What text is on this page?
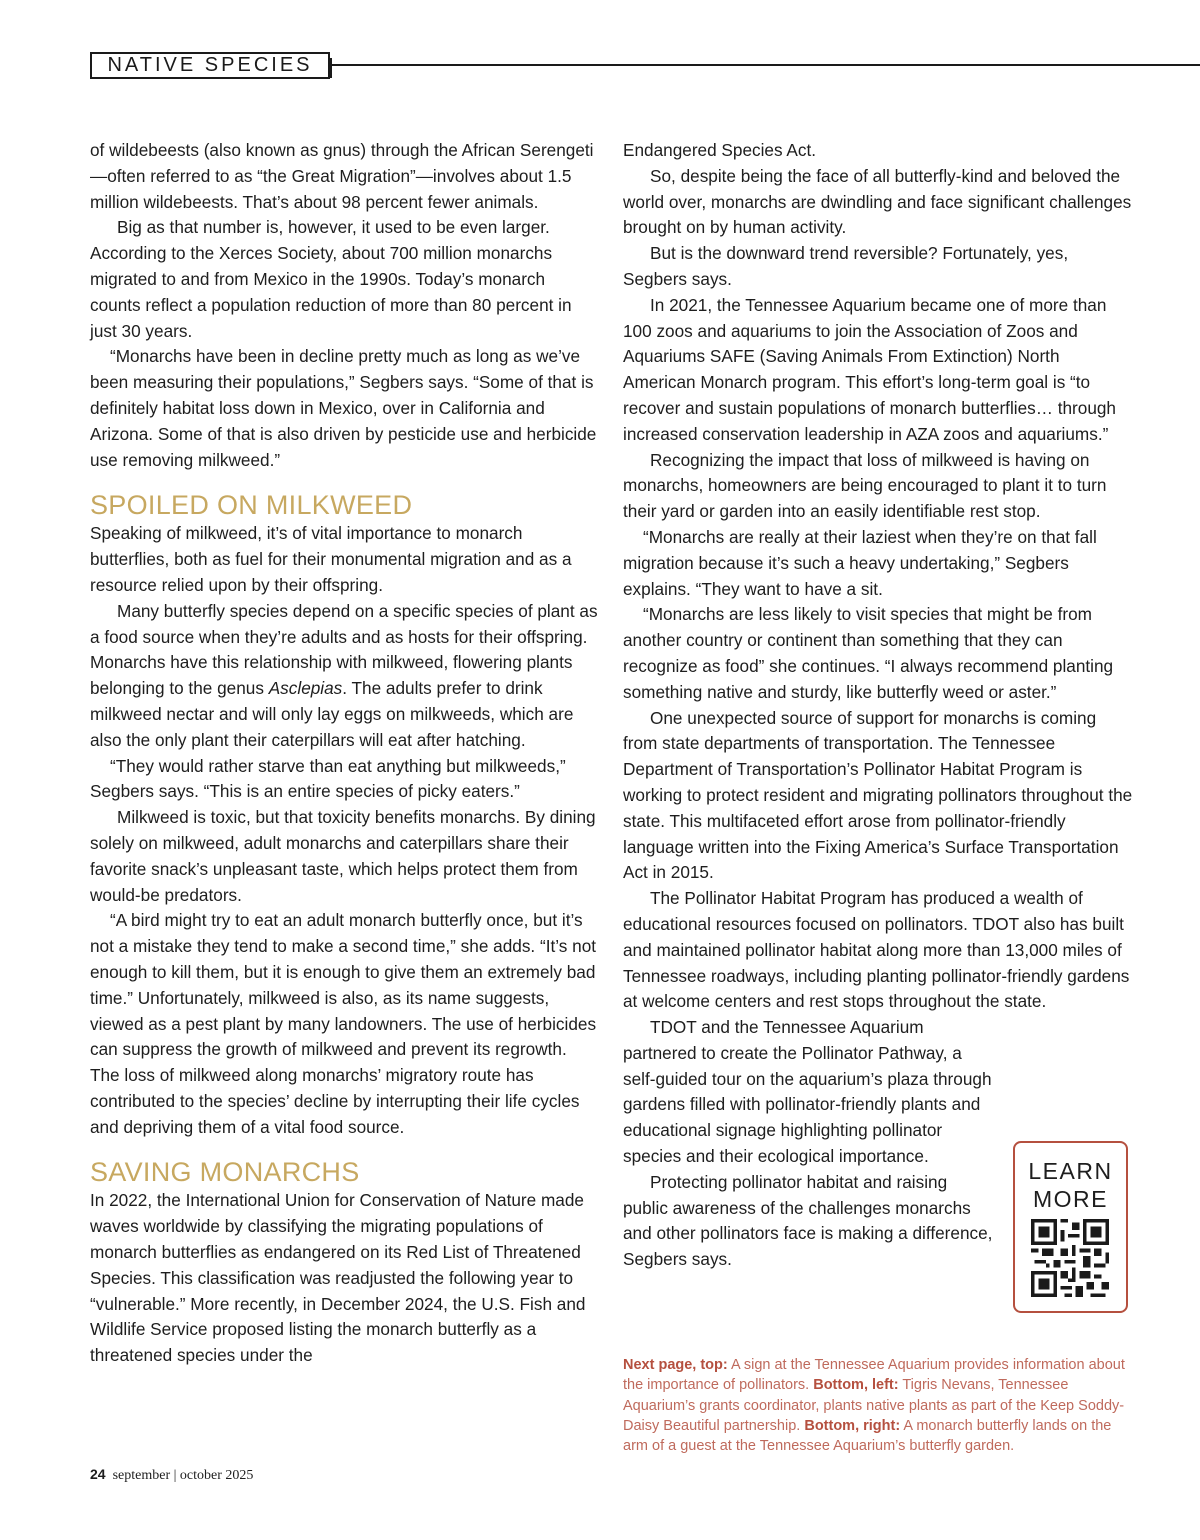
NATIVE SPECIES

of wildebeests (also known as gnus) through the African Serengeti—often referred to as “the Great Migration”—involves about 1.5 million wildebeests. That’s about 98 percent fewer animals.

Big as that number is, however, it used to be even larger. According to the Xerces Society, about 700 million monarchs migrated to and from Mexico in the 1990s. Today’s monarch counts reflect a population reduction of more than 80 percent in just 30 years.

“Monarchs have been in decline pretty much as long as we’ve been measuring their populations,” Segbers says. “Some of that is definitely habitat loss down in Mexico, over in California and Arizona. Some of that is also driven by pesticide use and herbicide use removing milkweed.”

SPOILED ON MILKWEED

Speaking of milkweed, it’s of vital importance to monarch butterflies, both as fuel for their monumental migration and as a resource relied upon by their offspring.

Many butterfly species depend on a specific species of plant as a food source when they’re adults and as hosts for their offspring. Monarchs have this relationship with milkweed, flowering plants belonging to the genus Asclepias. The adults prefer to drink milkweed nectar and will only lay eggs on milkweeds, which are also the only plant their caterpillars will eat after hatching.

“They would rather starve than eat anything but milkweeds,” Segbers says. “This is an entire species of picky eaters.”

Milkweed is toxic, but that toxicity benefits monarchs. By dining solely on milkweed, adult monarchs and caterpillars share their favorite snack’s unpleasant taste, which helps protect them from would-be predators.

“A bird might try to eat an adult monarch butterfly once, but it’s not a mistake they tend to make a second time,” she adds. “It’s not enough to kill them, but it is enough to give them an extremely bad time.” Unfortunately, milkweed is also, as its name suggests, viewed as a pest plant by many landowners. The use of herbicides can suppress the growth of milkweed and prevent its regrowth. The loss of milkweed along monarchs’ migratory route has contributed to the species’ decline by interrupting their life cycles and depriving them of a vital food source.

SAVING MONARCHS

In 2022, the International Union for Conservation of Nature made waves worldwide by classifying the migrating populations of monarch butterflies as endangered on its Red List of Threatened Species. This classification was readjusted the following year to “vulnerable.” More recently, in December 2024, the U.S. Fish and Wildlife Service proposed listing the monarch butterfly as a threatened species under the

Endangered Species Act.

So, despite being the face of all butterfly-kind and beloved the world over, monarchs are dwindling and face significant challenges brought on by human activity.

But is the downward trend reversible? Fortunately, yes, Segbers says.

In 2021, the Tennessee Aquarium became one of more than 100 zoos and aquariums to join the Association of Zoos and Aquariums SAFE (Saving Animals From Extinction) North American Monarch program. This effort’s long-term goal is “to recover and sustain populations of monarch butterflies… through increased conservation leadership in AZA zoos and aquariums.”

Recognizing the impact that loss of milkweed is having on monarchs, homeowners are being encouraged to plant it to turn their yard or garden into an easily identifiable rest stop.

“Monarchs are really at their laziest when they’re on that fall migration because it’s such a heavy undertaking,” Segbers explains. “They want to have a sit.

“Monarchs are less likely to visit species that might be from another country or continent than something that they can recognize as food” she continues. “I always recommend planting something native and sturdy, like butterfly weed or aster.”

One unexpected source of support for monarchs is coming from state departments of transportation. The Tennessee Department of Transportation’s Pollinator Habitat Program is working to protect resident and migrating pollinators throughout the state. This multifaceted effort arose from pollinator-friendly language written into the Fixing America’s Surface Transportation Act in 2015.

The Pollinator Habitat Program has produced a wealth of educational resources focused on pollinators. TDOT also has built and maintained pollinator habitat along more than 13,000 miles of Tennessee roadways, including planting pollinator-friendly gardens at welcome centers and rest stops throughout the state.

TDOT and the Tennessee Aquarium partnered to create the Pollinator Pathway, a self-guided tour on the aquarium’s plaza through gardens filled with pollinator-friendly plants and educational signage highlighting pollinator species and their ecological importance.

Protecting pollinator habitat and raising public awareness of the challenges monarchs and other pollinators face is making a difference, Segbers says.

LEARN
MORE
Next page, top: A sign at the Tennessee Aquarium provides information about the importance of pollinators. Bottom, left: Tigris Nevans, Tennessee Aquarium’s grants coordinator, plants native plants as part of the Keep Soddy-Daisy Beautiful partnership. Bottom, right: A monarch butterfly lands on the arm of a guest at the Tennessee Aquarium’s butterfly garden.
24 september | october 2025
